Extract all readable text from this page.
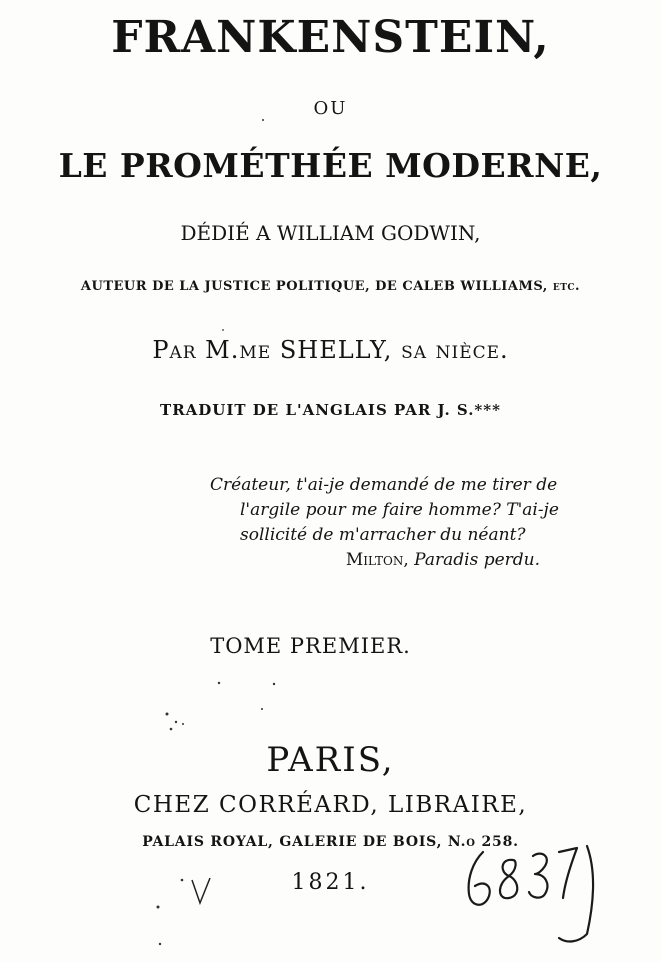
FRANKENSTEIN,
OU
LE PROMÉTHÉE MODERNE,
DÉDIÉ A WILLIAM GODWIN,
AUTEUR DE LA JUSTICE POLITIQUE, DE CALEB WILLIAMS, etc.
Par M.me SHELLY, sa nièce.
TRADUIT DE L'ANGLAIS PAR J. S.***
Créateur, t'ai-je demandé de me tirer de
l'argile pour me faire homme? T'ai-je
sollicité de m'arracher du néant?
Milton, Paradis perdu.
TOME PREMIER.
PARIS,
CHEZ CORRÉARD, LIBRAIRE,
PALAIS ROYAL, GALERIE DE BOIS, N.o 258.
1821.
